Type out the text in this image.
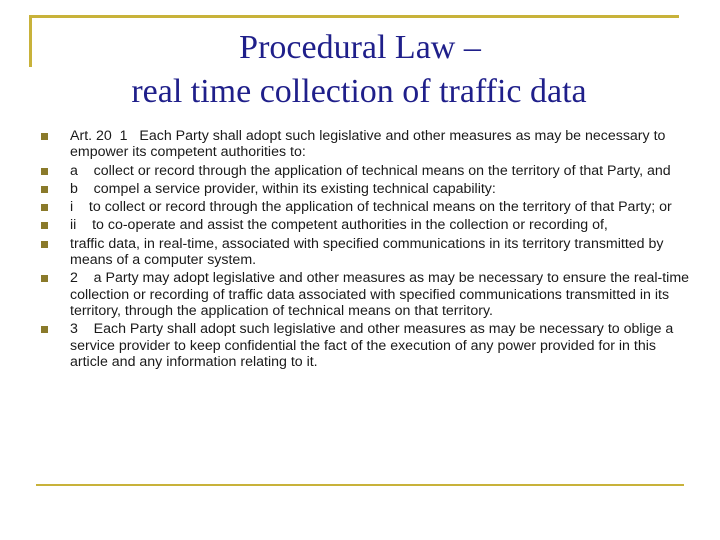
Procedural Law –
real time collection of traffic data
Art. 20  1   Each Party shall adopt such legislative and other measures as may be necessary to empower its competent authorities to:
a    collect or record through the application of technical means on the territory of that Party, and
b    compel a service provider, within its existing technical capability:
i    to collect or record through the application of technical means on the territory of that Party; or
ii    to co-operate and assist the competent authorities in the collection or recording of,
traffic data, in real-time, associated with specified communications in its territory transmitted by means of a computer system.
2    a Party may adopt legislative and other measures as may be necessary to ensure the real-time collection or recording of traffic data associated with specified communications transmitted in its territory, through the application of technical means on that territory.
3    Each Party shall adopt such legislative and other measures as may be necessary to oblige a service provider to keep confidential the fact of the execution of any power provided for in this article and any information relating to it.
